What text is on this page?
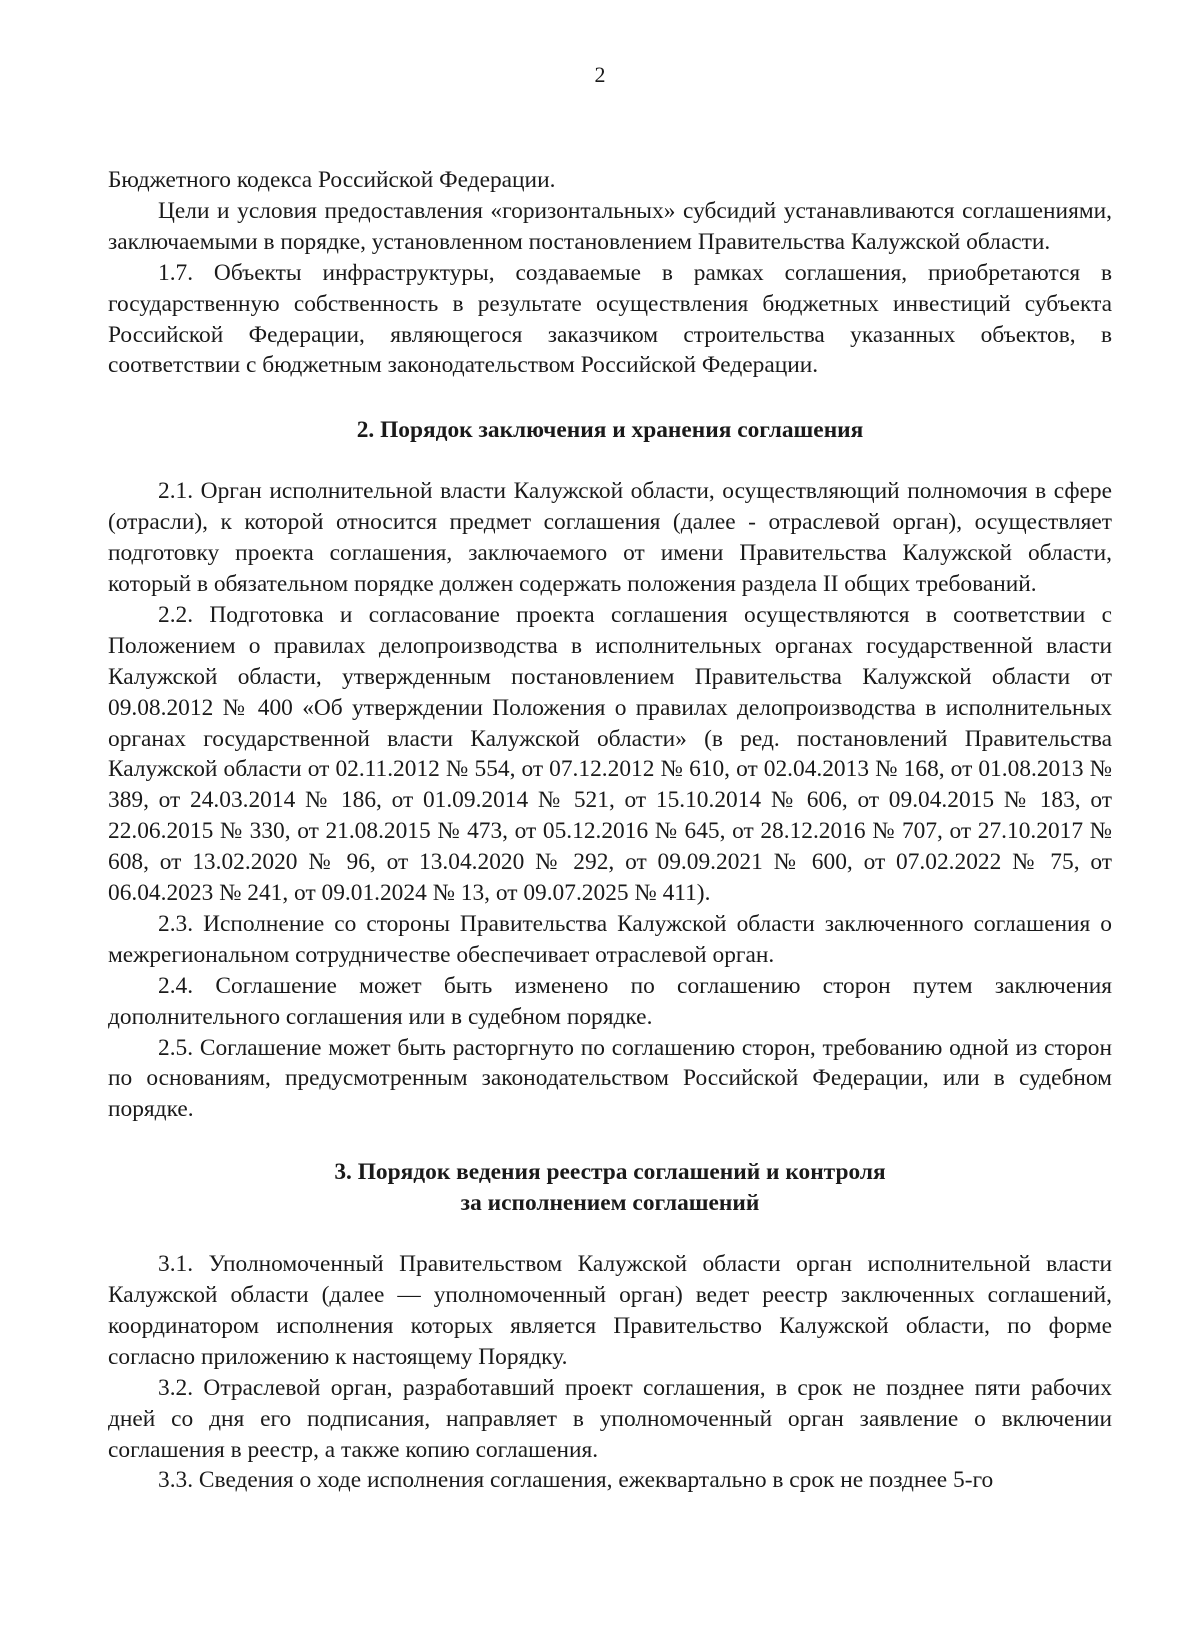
2

Бюджетного кодекса Российской Федерации.

Цели и условия предоставления «горизонтальных» субсидий устанавливаются соглашениями, заключаемыми в порядке, установленном постановлением Правительства Калужской области.

1.7. Объекты инфраструктуры, создаваемые в рамках соглашения, приобретаются в государственную собственность в результате осуществления бюджетных инвестиций субъекта Российской Федерации, являющегося заказчиком строительства указанных объектов, в соответствии с бюджетным законодательством Российской Федерации.

2. Порядок заключения и хранения соглашения

2.1. Орган исполнительной власти Калужской области, осуществляющий полномочия в сфере (отрасли), к которой относится предмет соглашения (далее - отраслевой орган), осуществляет подготовку проекта соглашения, заключаемого от имени Правительства Калужской области, который в обязательном порядке должен содержать положения раздела II общих требований.

2.2. Подготовка и согласование проекта соглашения осуществляются в соответствии с Положением о правилах делопроизводства в исполнительных органах государственной власти Калужской области, утвержденным постановлением Правительства Калужской области от 09.08.2012 № 400 «Об утверждении Положения о правилах делопроизводства в исполнительных органах государственной власти Калужской области» (в ред. постановлений Правительства Калужской области от 02.11.2012 № 554, от 07.12.2012 № 610, от 02.04.2013 № 168, от 01.08.2013 № 389, от 24.03.2014 № 186, от 01.09.2014 № 521, от 15.10.2014 № 606, от 09.04.2015 № 183, от 22.06.2015 № 330, от 21.08.2015 № 473, от 05.12.2016 № 645, от 28.12.2016 № 707, от 27.10.2017 № 608, от 13.02.2020 № 96, от 13.04.2020 № 292, от 09.09.2021 № 600, от 07.02.2022 № 75, от 06.04.2023 № 241, от 09.01.2024 № 13, от 09.07.2025 № 411).

2.3. Исполнение со стороны Правительства Калужской области заключенного соглашения о межрегиональном сотрудничестве обеспечивает отраслевой орган.

2.4. Соглашение может быть изменено по соглашению сторон путем заключения дополнительного соглашения или в судебном порядке.

2.5. Соглашение может быть расторгнуто по соглашению сторон, требованию одной из сторон по основаниям, предусмотренным законодательством Российской Федерации, или в судебном порядке.

3. Порядок ведения реестра соглашений и контроля
за исполнением соглашений

3.1. Уполномоченный Правительством Калужской области орган исполнительной власти Калужской области (далее — уполномоченный орган) ведет реестр заключенных соглашений, координатором исполнения которых является Правительство Калужской области, по форме согласно приложению к настоящему Порядку.

3.2. Отраслевой орган, разработавший проект соглашения, в срок не позднее пяти рабочих дней со дня его подписания, направляет в уполномоченный орган заявление о включении соглашения в реестр, а также копию соглашения.

3.3. Сведения о ходе исполнения соглашения, ежеквартально в срок не позднее 5-го
